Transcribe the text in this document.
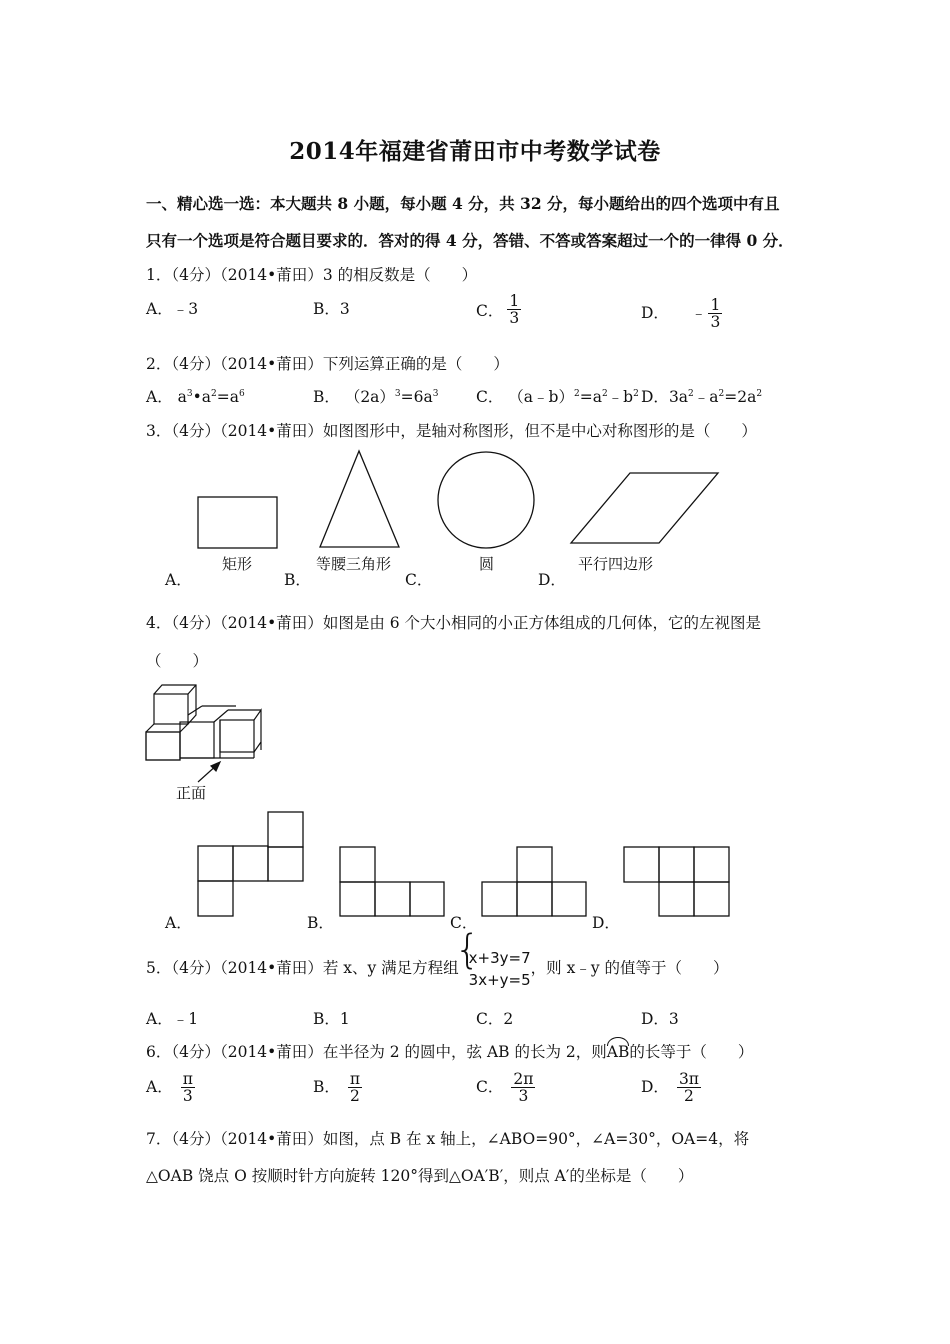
2014年福建省莆田市中考数学试卷
一、精心选一选：本大题共 8 小题，每小题 4 分，共 32 分，每小题给出的四个选项中有且
只有一个选项是符合题目要求的．答对的得 4 分，答错、不答或答案超过一个的一律得 0 分．
1．（4分）（2014•莆田）3 的相反数是（　　）
A．﹣3	B．3	C． $\frac{1}{3}$	D． ﹣ $\frac{1}{3}$
2．（4分）（2014•莆田）下列运算正确的是（　　）
A． $a^3•a^2=a^6$	B． $(2a)^3=6a^3$ C． $(a﹣b)^2=a^2﹣b^2$ D．$3a^2﹣a^2=2a^2$
3．（4分）（2014•莆田）如图图形中，是轴对称图形，但不是中心对称图形的是（　　）
矩形	等腰三角形	圆	平行四边形
A．	B．	C．	D．
4．（4分）（2014•莆田）如图是由 6 个大小相同的小正方体组成的几何体，它的左视图是
（　　）
正面
A．	B．	C．	D．
5．（4分）（2014•莆田）若 x、y 满足方程组
{ x+3y=7
3x+y=5
，则 x﹣y 的值等于（　　）
A．﹣1	B．1	C．2	D．3
6．（4分）（2014•莆田）在半径为 2 的圆中，弦 AB 的长为 2，则AB的长等于（　　）
A． $\frac{\pi}{3}$	B． $\frac{\pi}{2}$	C． $\frac{2\pi}{3}$	D． $\frac{3\pi}{2}$
7．（4分）（2014•莆田）如图，点 B 在 x 轴上，∠ABO=90°，∠A=30°，OA=4，将
△OAB 饶点 O 按顺时针方向旋转 120°得到△OA′B′，则点 A′的坐标是（　　）
